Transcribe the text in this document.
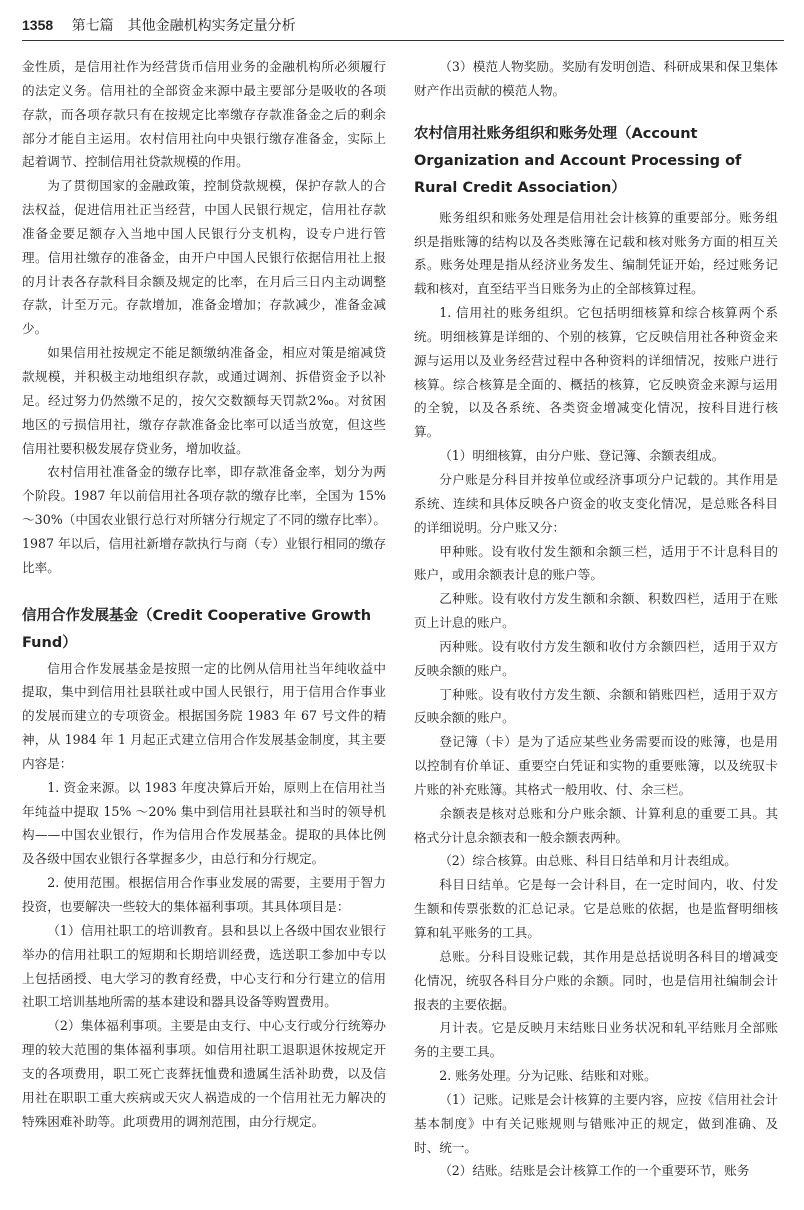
1358 第七篇　其他金融机构实务定量分析

金性质，是信用社作为经营货币信用业务的金融机构所必须履行的法定义务。信用社的全部资金来源中最主要部分是吸收的各项存款，而各项存款只有在按规定比率缴存存款准备金之后的剩余部分才能自主运用。农村信用社向中央银行缴存准备金，实际上起着调节、控制信用社贷款规模的作用。

为了贯彻国家的金融政策，控制贷款规模，保护存款人的合法权益，促进信用社正当经营，中国人民银行规定，信用社存款准备金要足额存入当地中国人民银行分支机构，设专户进行管理。信用社缴存的准备金，由开户中国人民银行依据信用社上报的月计表各存款科目余额及规定的比率，在月后三日内主动调整存款，计至万元。存款增加，准备金增加；存款减少，准备金减少。

如果信用社按规定不能足额缴纳准备金，相应对策是缩减贷款规模，并积极主动地组织存款，或通过调剂、拆借资金予以补足。经过努力仍然缴不足的，按欠交数额每天罚款2‰。对贫困地区的亏损信用社，缴存存款准备金比率可以适当放宽，但这些信用社要积极发展存贷业务，增加收益。

农村信用社准备金的缴存比率，即存款准备金率，划分为两个阶段。1987 年以前信用社各项存款的缴存比率，全国为 15% ～30%（中国农业银行总行对所辖分行规定了不同的缴存比率）。1987 年以后，信用社新增存款执行与商（专）业银行相同的缴存比率。

信用合作发展基金（Credit Cooperative Growth Fund）

信用合作发展基金是按照一定的比例从信用社当年纯收益中提取，集中到信用社县联社或中国人民银行，用于信用合作事业的发展而建立的专项资金。根据国务院 1983 年 67 号文件的精神，从 1984 年 1 月起正式建立信用合作发展基金制度，其主要内容是：

1. 资金来源。以 1983 年度决算后开始，原则上在信用社当年纯益中提取 15% ～20% 集中到信用社县联社和当时的领导机构——中国农业银行，作为信用合作发展基金。提取的具体比例及各级中国农业银行各掌握多少，由总行和分行规定。

2. 使用范围。根据信用合作事业发展的需要，主要用于智力投资，也要解决一些较大的集体福利事项。其具体项目是：

（1）信用社职工的培训教育。县和县以上各级中国农业银行举办的信用社职工的短期和长期培训经费，选送职工参加中专以上包括函授、电大学习的教育经费，中心支行和分行建立的信用社职工培训基地所需的基本建设和器具设备等购置费用。

（2）集体福利事项。主要是由支行、中心支行或分行统筹办理的较大范围的集体福利事项。如信用社职工退职退休按规定开支的各项费用，职工死亡丧葬抚恤费和遗属生活补助费，以及信用社在职职工重大疾病或天灾人祸造成的一个信用社无力解决的特殊困难补助等。此项费用的调剂范围，由分行规定。

（3）模范人物奖励。奖励有发明创造、科研成果和保卫集体财产作出贡献的模范人物。

农村信用社账务组织和账务处理（Account Organization and Account Processing of Rural Credit Association）

账务组织和账务处理是信用社会计核算的重要部分。账务组织是指账簿的结构以及各类账簿在记载和核对账务方面的相互关系。账务处理是指从经济业务发生、编制凭证开始，经过账务记载和核对，直至结平当日账务为止的全部核算过程。

1. 信用社的账务组织。它包括明细核算和综合核算两个系统。明细核算是详细的、个别的核算，它反映信用社各种资金来源与运用以及业务经营过程中各种资料的详细情况，按账户进行核算。综合核算是全面的、概括的核算，它反映资金来源与运用的全貌，以及各系统、各类资金增减变化情况，按科目进行核算。

（1）明细核算，由分户账、登记簿、余额表组成。

分户账是分科目并按单位或经济事项分户记载的。其作用是系统、连续和具体反映各户资金的收支变化情况，是总账各科目的详细说明。分户账又分：

甲种账。设有收付发生额和余额三栏，适用于不计息科目的账户，或用余额表计息的账户等。

乙种账。设有收付方发生额和余额、积数四栏，适用于在账页上计息的账户。

丙种账。设有收付方发生额和收付方余额四栏，适用于双方反映余额的账户。

丁种账。设有收付方发生额、余额和销账四栏，适用于双方反映余额的账户。

登记簿（卡）是为了适应某些业务需要而设的账簿，也是用以控制有价单证、重要空白凭证和实物的重要账簿，以及统驭卡片账的补充账簿。其格式一般用收、付、余三栏。

余额表是核对总账和分户账余额、计算利息的重要工具。其格式分计息余额表和一般余额表两种。

（2）综合核算。由总账、科目日结单和月计表组成。

科目日结单。它是每一会计科目，在一定时间内，收、付发生额和传票张数的汇总记录。它是总账的依据，也是监督明细核算和轧平账务的工具。

总账。分科目设账记载，其作用是总括说明各科目的增减变化情况，统驭各科目分户账的余额。同时，也是信用社编制会计报表的主要依据。

月计表。它是反映月末结账日业务状况和轧平结账月全部账务的主要工具。

2. 账务处理。分为记账、结账和对账。

（1）记账。记账是会计核算的主要内容，应按《信用社会计基本制度》中有关记账规则与错账冲正的规定，做到准确、及时、统一。

（2）结账。结账是会计核算工作的一个重要环节，账务
